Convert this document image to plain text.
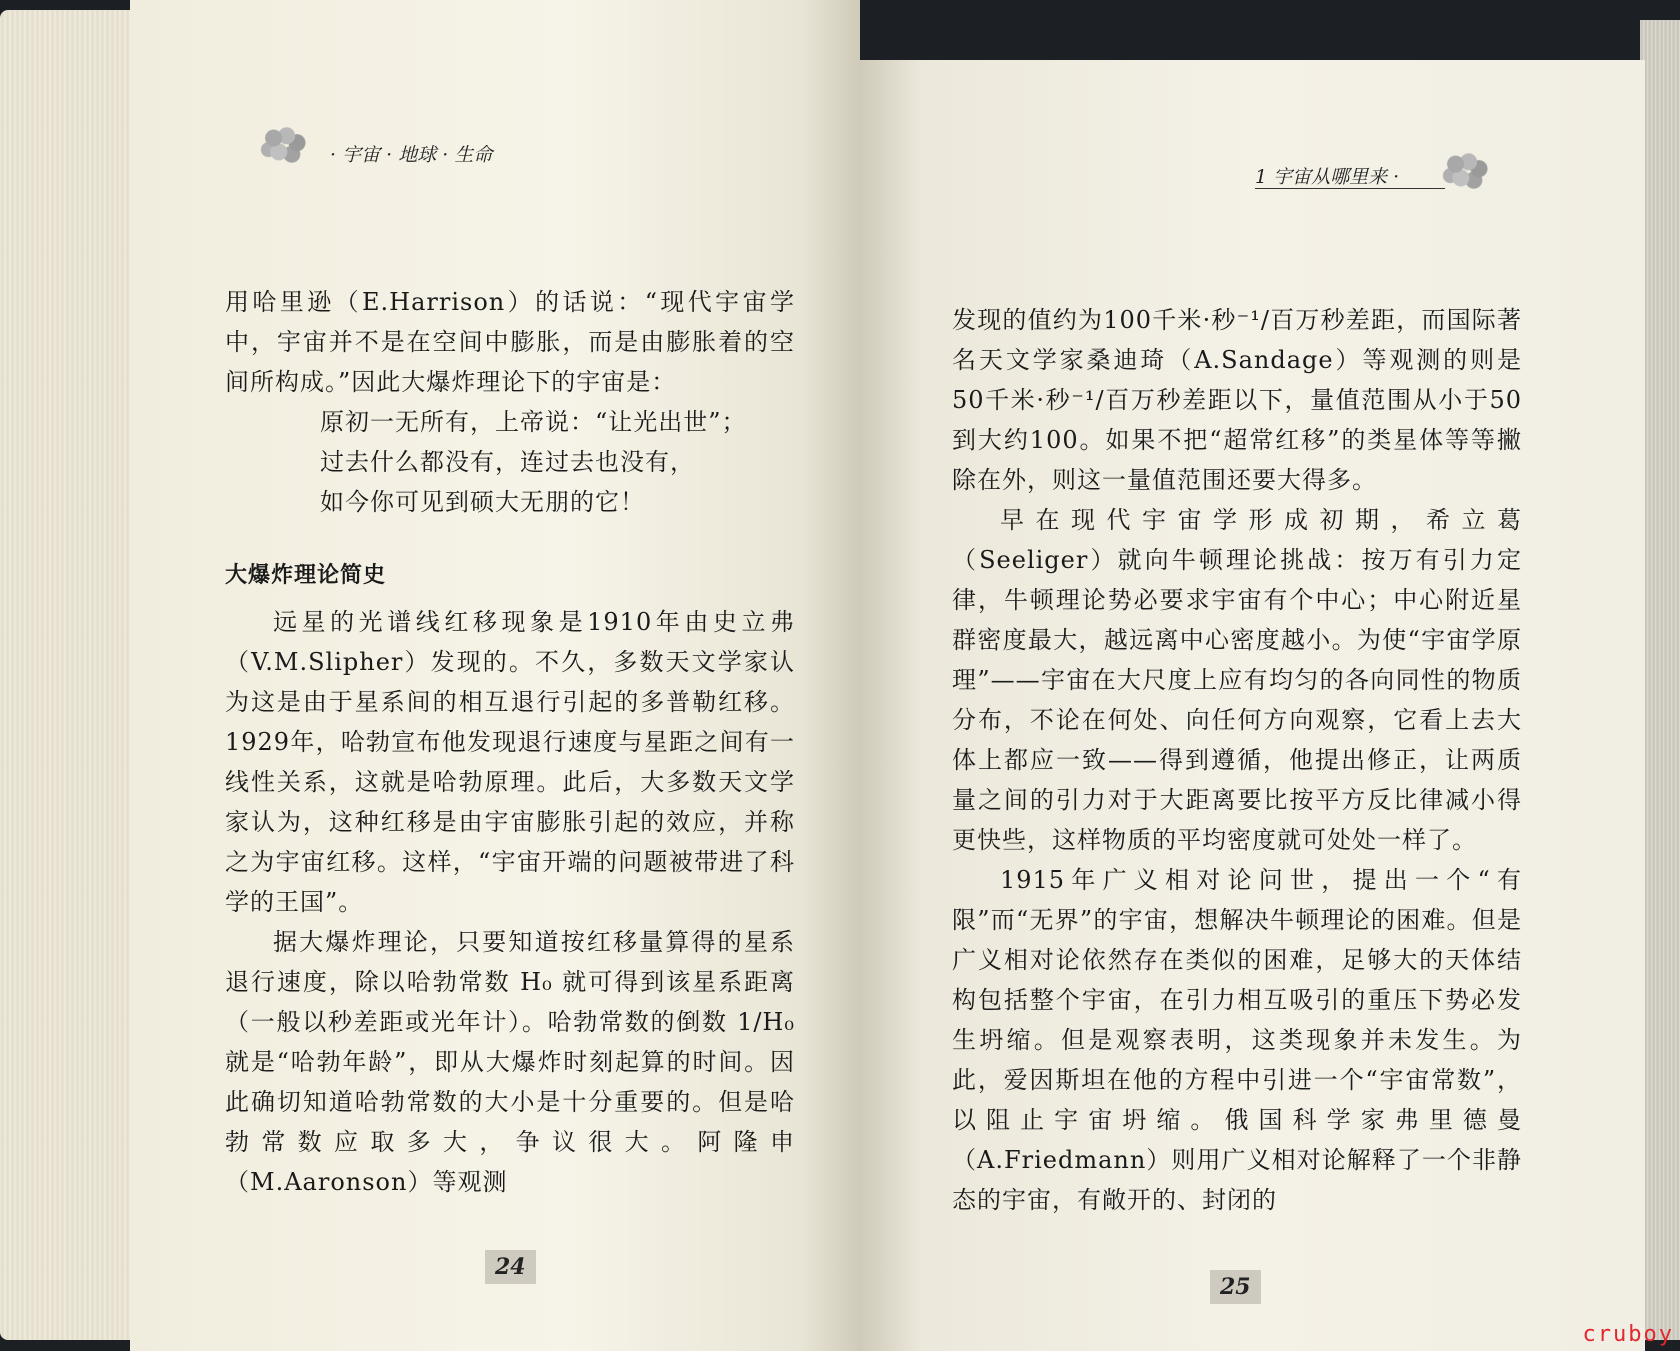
· 宇宙 · 地球 · 生命

用哈里逊（E.Harrison）的话说：“现代宇宙学中，宇宙并不是在空间中膨胀，而是由膨胀着的空间所构成。”因此大爆炸理论下的宇宙是：

原初一无所有，上帝说：“让光出世”；
过去什么都没有，连过去也没有，
如今你可见到硕大无朋的它！
大爆炸理论简史

远星的光谱线红移现象是1910年由史立弗（V.M.Slipher）发现的。不久，多数天文学家认为这是由于星系间的相互退行引起的多普勒红移。1929年，哈勃宣布他发现退行速度与星距之间有一线性关系，这就是哈勃原理。此后，大多数天文学家认为，这种红移是由宇宙膨胀引起的效应，并称之为宇宙红移。这样，“宇宙开端的问题被带进了科学的王国”。

据大爆炸理论，只要知道按红移量算得的星系退行速度，除以哈勃常数 H₀ 就可得到该星系距离（一般以秒差距或光年计）。哈勃常数的倒数 1/H₀ 就是“哈勃年龄”，即从大爆炸时刻起算的时间。因此确切知道哈勃常数的大小是十分重要的。但是哈勃常数应取多大，争议很大。阿隆申（M.Aaronson）等观测

24
1 宇宙从哪里来 ·

发现的值约为100千米·秒⁻¹/百万秒差距，而国际著名天文学家桑迪琦（A.Sandage）等观测的则是50千米·秒⁻¹/百万秒差距以下，量值范围从小于50到大约100。如果不把“超常红移”的类星体等等撇除在外，则这一量值范围还要大得多。

早在现代宇宙学形成初期，希立葛（Seeliger）就向牛顿理论挑战：按万有引力定律，牛顿理论势必要求宇宙有个中心；中心附近星群密度最大，越远离中心密度越小。为使“宇宙学原理”——宇宙在大尺度上应有均匀的各向同性的物质分布，不论在何处、向任何方向观察，它看上去大体上都应一致——得到遵循，他提出修正，让两质量之间的引力对于大距离要比按平方反比律减小得更快些，这样物质的平均密度就可处处一样了。

1915年广义相对论问世，提出一个“有限”而“无界”的宇宙，想解决牛顿理论的困难。但是广义相对论依然存在类似的困难，足够大的天体结构包括整个宇宙，在引力相互吸引的重压下势必发生坍缩。但是观察表明，这类现象并未发生。为此，爱因斯坦在他的方程中引进一个“宇宙常数”，以阻止宇宙坍缩。俄国科学家弗里德曼（A.Friedmann）则用广义相对论解释了一个非静态的宇宙，有敞开的、封闭的

25
cruboy
